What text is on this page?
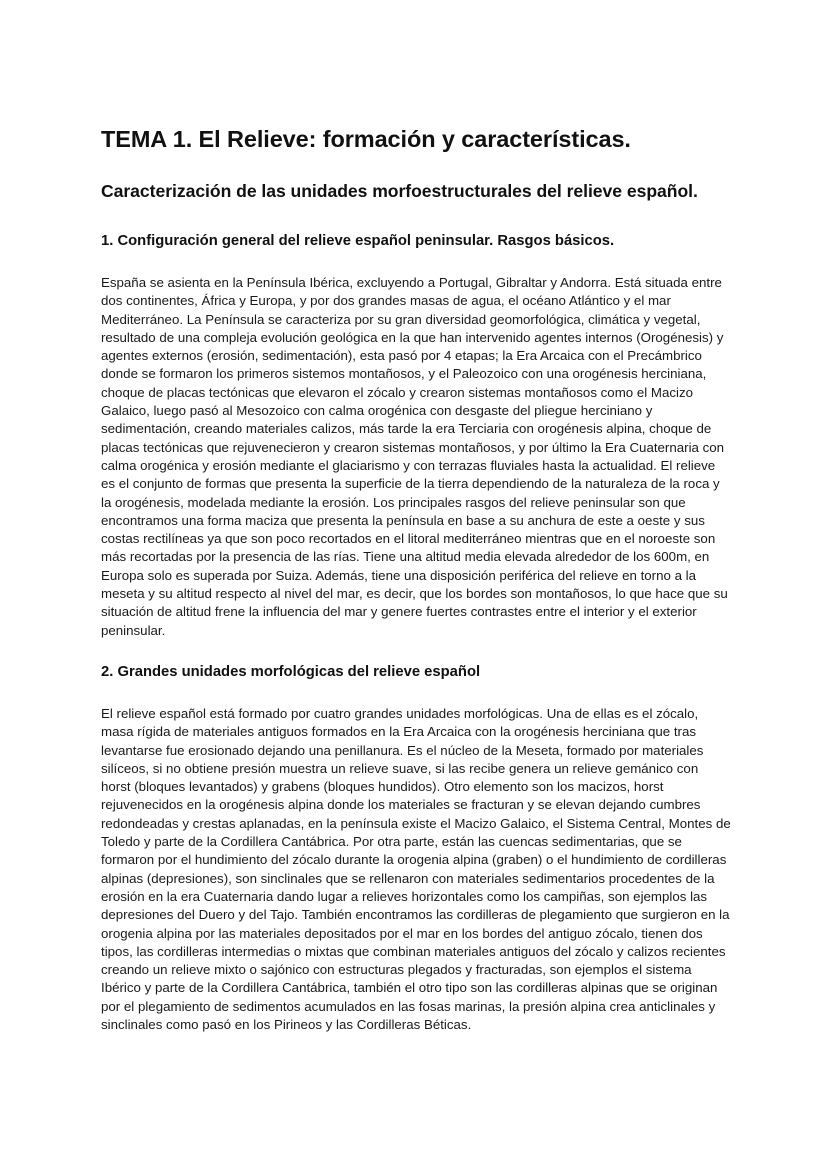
TEMA 1. El Relieve: formación y características.
Caracterización de las unidades morfoestructurales del relieve español.
1. Configuración general del relieve español peninsular. Rasgos básicos.

España se asienta en la Península Ibérica, excluyendo a Portugal, Gibraltar y Andorra. Está situada entre dos continentes, África y Europa, y por dos grandes masas de agua, el océano Atlántico y el mar Mediterráneo. La Península se caracteriza por su gran diversidad geomorfológica, climática y vegetal, resultado de una compleja evolución geológica en la que han intervenido agentes internos (Orogénesis) y agentes externos (erosión, sedimentación), esta pasó por 4 etapas; la Era Arcaica con el Precámbrico donde se formaron los primeros sistemos montañosos, y el Paleozoico con una orogénesis herciniana, choque de placas tectónicas que elevaron el zócalo y crearon sistemas montañosos como el Macizo Galaico, luego pasó al Mesozoico con calma orogénica con desgaste del pliegue herciniano y sedimentación, creando materiales calizos, más tarde la era Terciaria con orogénesis alpina, choque de placas tectónicas que rejuvenecieron y crearon sistemas montañosos, y por último la Era Cuaternaria con calma orogénica y erosión mediante el glaciarismo y con terrazas fluviales hasta la actualidad. El relieve es el conjunto de formas que presenta la superficie de la tierra dependiendo de la naturaleza de la roca y la orogénesis, modelada mediante la erosión. Los principales rasgos del relieve peninsular son que encontramos una forma maciza que presenta la península en base a su anchura de este a oeste y sus costas rectilíneas ya que son poco recortados en el litoral mediterráneo mientras que en el noroeste son más recortadas por la presencia de las rías. Tiene una altitud media elevada alrededor de los 600m, en Europa solo es superada por Suiza. Además, tiene una disposición periférica del relieve en torno a la meseta y su altitud respecto al nivel del mar, es decir, que los bordes son montañosos, lo que hace que su situación de altitud frene la influencia del mar y genere fuertes contrastes entre el interior y el exterior peninsular.

2. Grandes unidades morfológicas del relieve español

El relieve español está formado por cuatro grandes unidades morfológicas. Una de ellas es el zócalo, masa rígida de materiales antiguos formados en la Era Arcaica con la orogénesis herciniana que tras levantarse fue erosionado dejando una penillanura. Es el núcleo de la Meseta, formado por materiales silíceos, si no obtiene presión muestra un relieve suave, si las recibe genera un relieve gemánico con horst (bloques levantados) y grabens (bloques hundidos). Otro elemento son los macizos, horst rejuvenecidos en la orogénesis alpina donde los materiales se fracturan y se elevan dejando cumbres redondeadas y crestas aplanadas, en la península existe el Macizo Galaico, el Sistema Central, Montes de Toledo y parte de la Cordillera Cantábrica. Por otra parte, están las cuencas sedimentarias, que se formaron por el hundimiento del zócalo durante la orogenia alpina (graben) o el hundimiento de cordilleras alpinas (depresiones), son sinclinales que se rellenaron con materiales sedimentarios procedentes de la erosión en la era Cuaternaria dando lugar a relieves horizontales como los campiñas, son ejemplos las depresiones del Duero y del Tajo. También encontramos las cordilleras de plegamiento que surgieron en la orogenia alpina por las materiales depositados por el mar en los bordes del antiguo zócalo, tienen dos tipos, las cordilleras intermedias o mixtas que combinan materiales antiguos del zócalo y calizos recientes creando un relieve mixto o sajónico con estructuras plegados y fracturadas, son ejemplos el sistema Ibérico y parte de la Cordillera Cantábrica, también el otro tipo son las cordilleras alpinas que se originan por el plegamiento de sedimentos acumulados en las fosas marinas, la presión alpina crea anticlinales y sinclinales como pasó en los Pirineos y las Cordilleras Béticas.
